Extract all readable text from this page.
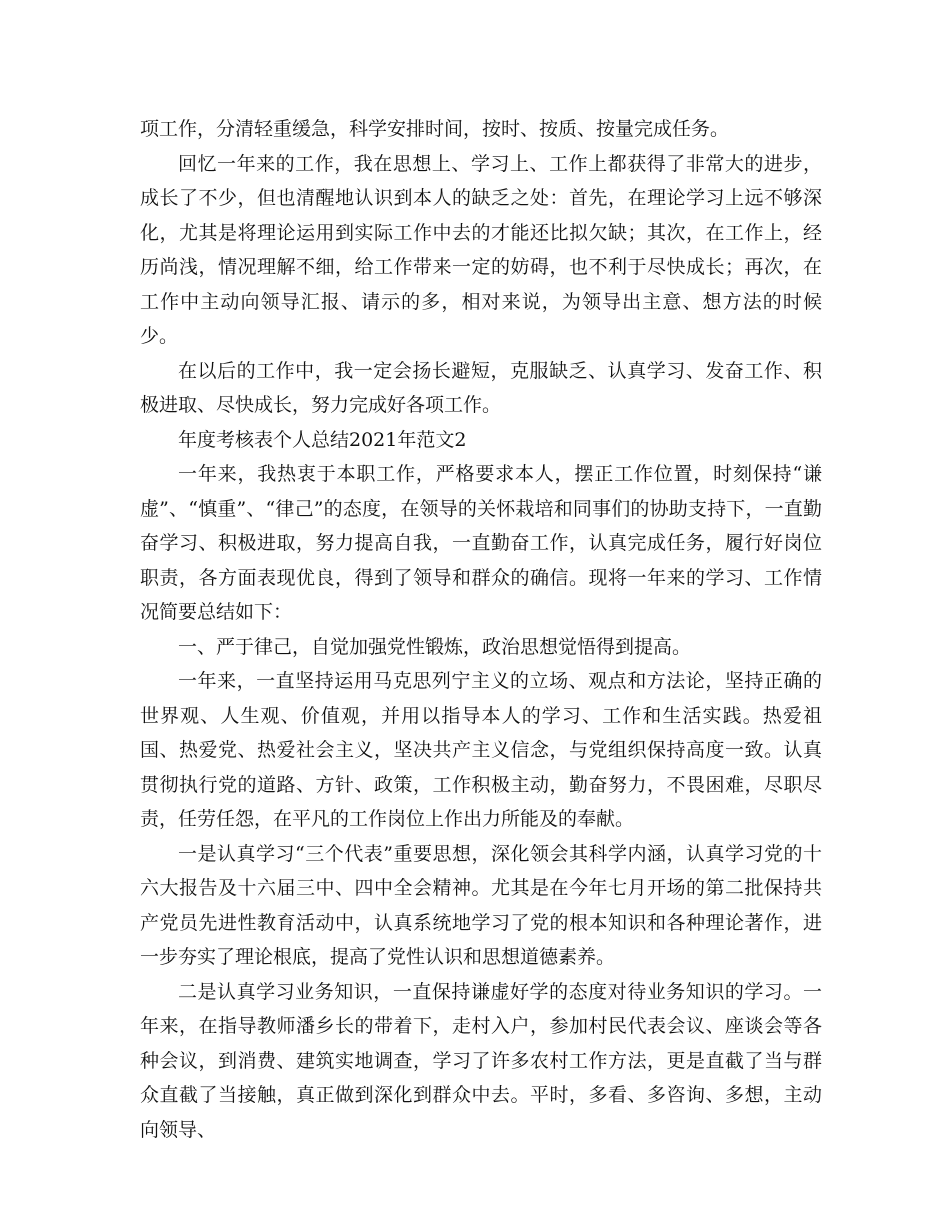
项工作，分清轻重缓急，科学安排时间，按时、按质、按量完成任务。

回忆一年来的工作，我在思想上、学习上、工作上都获得了非常大的进步，成长了不少，但也清醒地认识到本人的缺乏之处：首先，在理论学习上远不够深化，尤其是将理论运用到实际工作中去的才能还比拟欠缺；其次，在工作上，经历尚浅，情况理解不细，给工作带来一定的妨碍，也不利于尽快成长；再次，在工作中主动向领导汇报、请示的多，相对来说，为领导出主意、想方法的时候少。

在以后的工作中，我一定会扬长避短，克服缺乏、认真学习、发奋工作、积极进取、尽快成长，努力完成好各项工作。

年度考核表个人总结2021年范文2

一年来，我热衷于本职工作，严格要求本人，摆正工作位置，时刻保持“谦虚”、“慎重”、“律己”的态度，在领导的关怀栽培和同事们的协助支持下，一直勤奋学习、积极进取，努力提高自我，一直勤奋工作，认真完成任务，履行好岗位职责，各方面表现优良，得到了领导和群众的确信。现将一年来的学习、工作情况简要总结如下：

一、严于律己，自觉加强党性锻炼，政治思想觉悟得到提高。

一年来，一直坚持运用马克思列宁主义的立场、观点和方法论，坚持正确的世界观、人生观、价值观，并用以指导本人的学习、工作和生活实践。热爱祖国、热爱党、热爱社会主义，坚决共产主义信念，与党组织保持高度一致。认真贯彻执行党的道路、方针、政策，工作积极主动，勤奋努力，不畏困难，尽职尽责，任劳任怨，在平凡的工作岗位上作出力所能及的奉献。

一是认真学习“三个代表”重要思想，深化领会其科学内涵，认真学习党的十六大报告及十六届三中、四中全会精神。尤其是在今年七月开场的第二批保持共产党员先进性教育活动中，认真系统地学习了党的根本知识和各种理论著作，进一步夯实了理论根底，提高了党性认识和思想道德素养。

二是认真学习业务知识，一直保持谦虚好学的态度对待业务知识的学习。一年来，在指导教师潘乡长的带着下，走村入户，参加村民代表会议、座谈会等各种会议，到消费、建筑实地调查，学习了许多农村工作方法，更是直截了当与群众直截了当接触，真正做到深化到群众中去。平时，多看、多咨询、多想，主动向领导、
